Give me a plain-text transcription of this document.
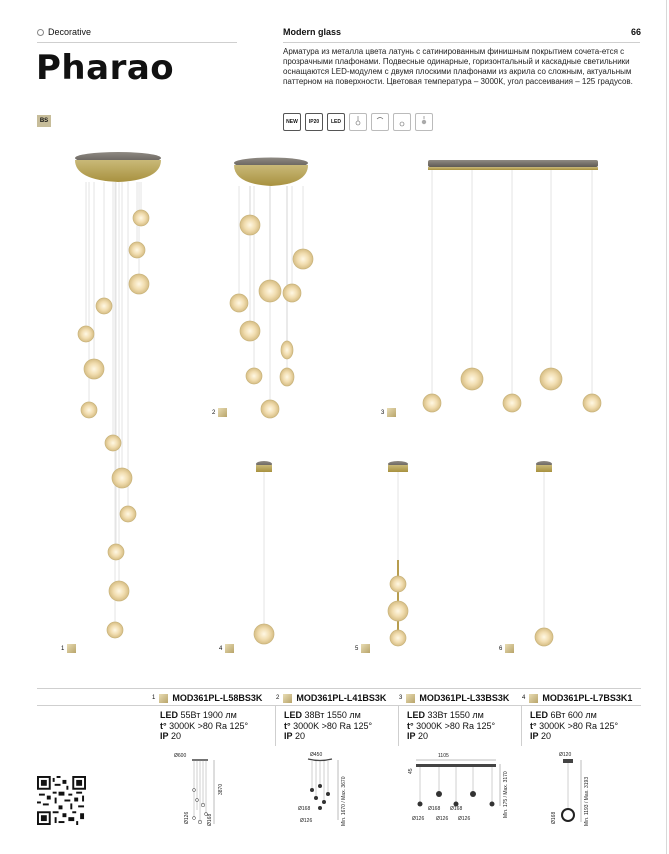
Decorative	Modern glass	66
Pharao	Арматура из металла цвета латунь с сатинированным финишным покрытием сочета-ется с прозрачными плафонами. Подвесные одинарные, горизонтальный и каскадные светильники оснащаются LED-модулем с двумя плоскими плафонами из акрила со сложным, актуальным паттерном на поверхности. Цветовая температура – 3000К, угол рассеивания – 125 градусов.
BS	NEW	IP20	LED
1
2	3
4	5	6
1 MOD361PL-L58BS3K 2 MOD361PL-L41BS3K 3 MOD361PL-L33BS3K 4 MOD361PL-L7BS3K1
LED 55Вт 1900 лм
t° 3000K >80 Ra 125°
IP 20
LED 38Вт 1550 лм
t° 3000K >80 Ra 125°
IP 20
LED 33Вт 1550 лм
t° 3000K >80 Ra 125°
IP 20
LED 6Вт 600 лм
t° 3000K >80 Ra 125°
IP 20
Ø600
3870
Ø126	Ø168
Ø450
Min. 1670 / Max. 3670
Ø168
Ø126
1105
45
Ø168 Ø168
Ø126 Ø126 Ø126
Min. 175 / Max. 3170
Ø120
Min. 1193 / Max. 3193
Ø168
